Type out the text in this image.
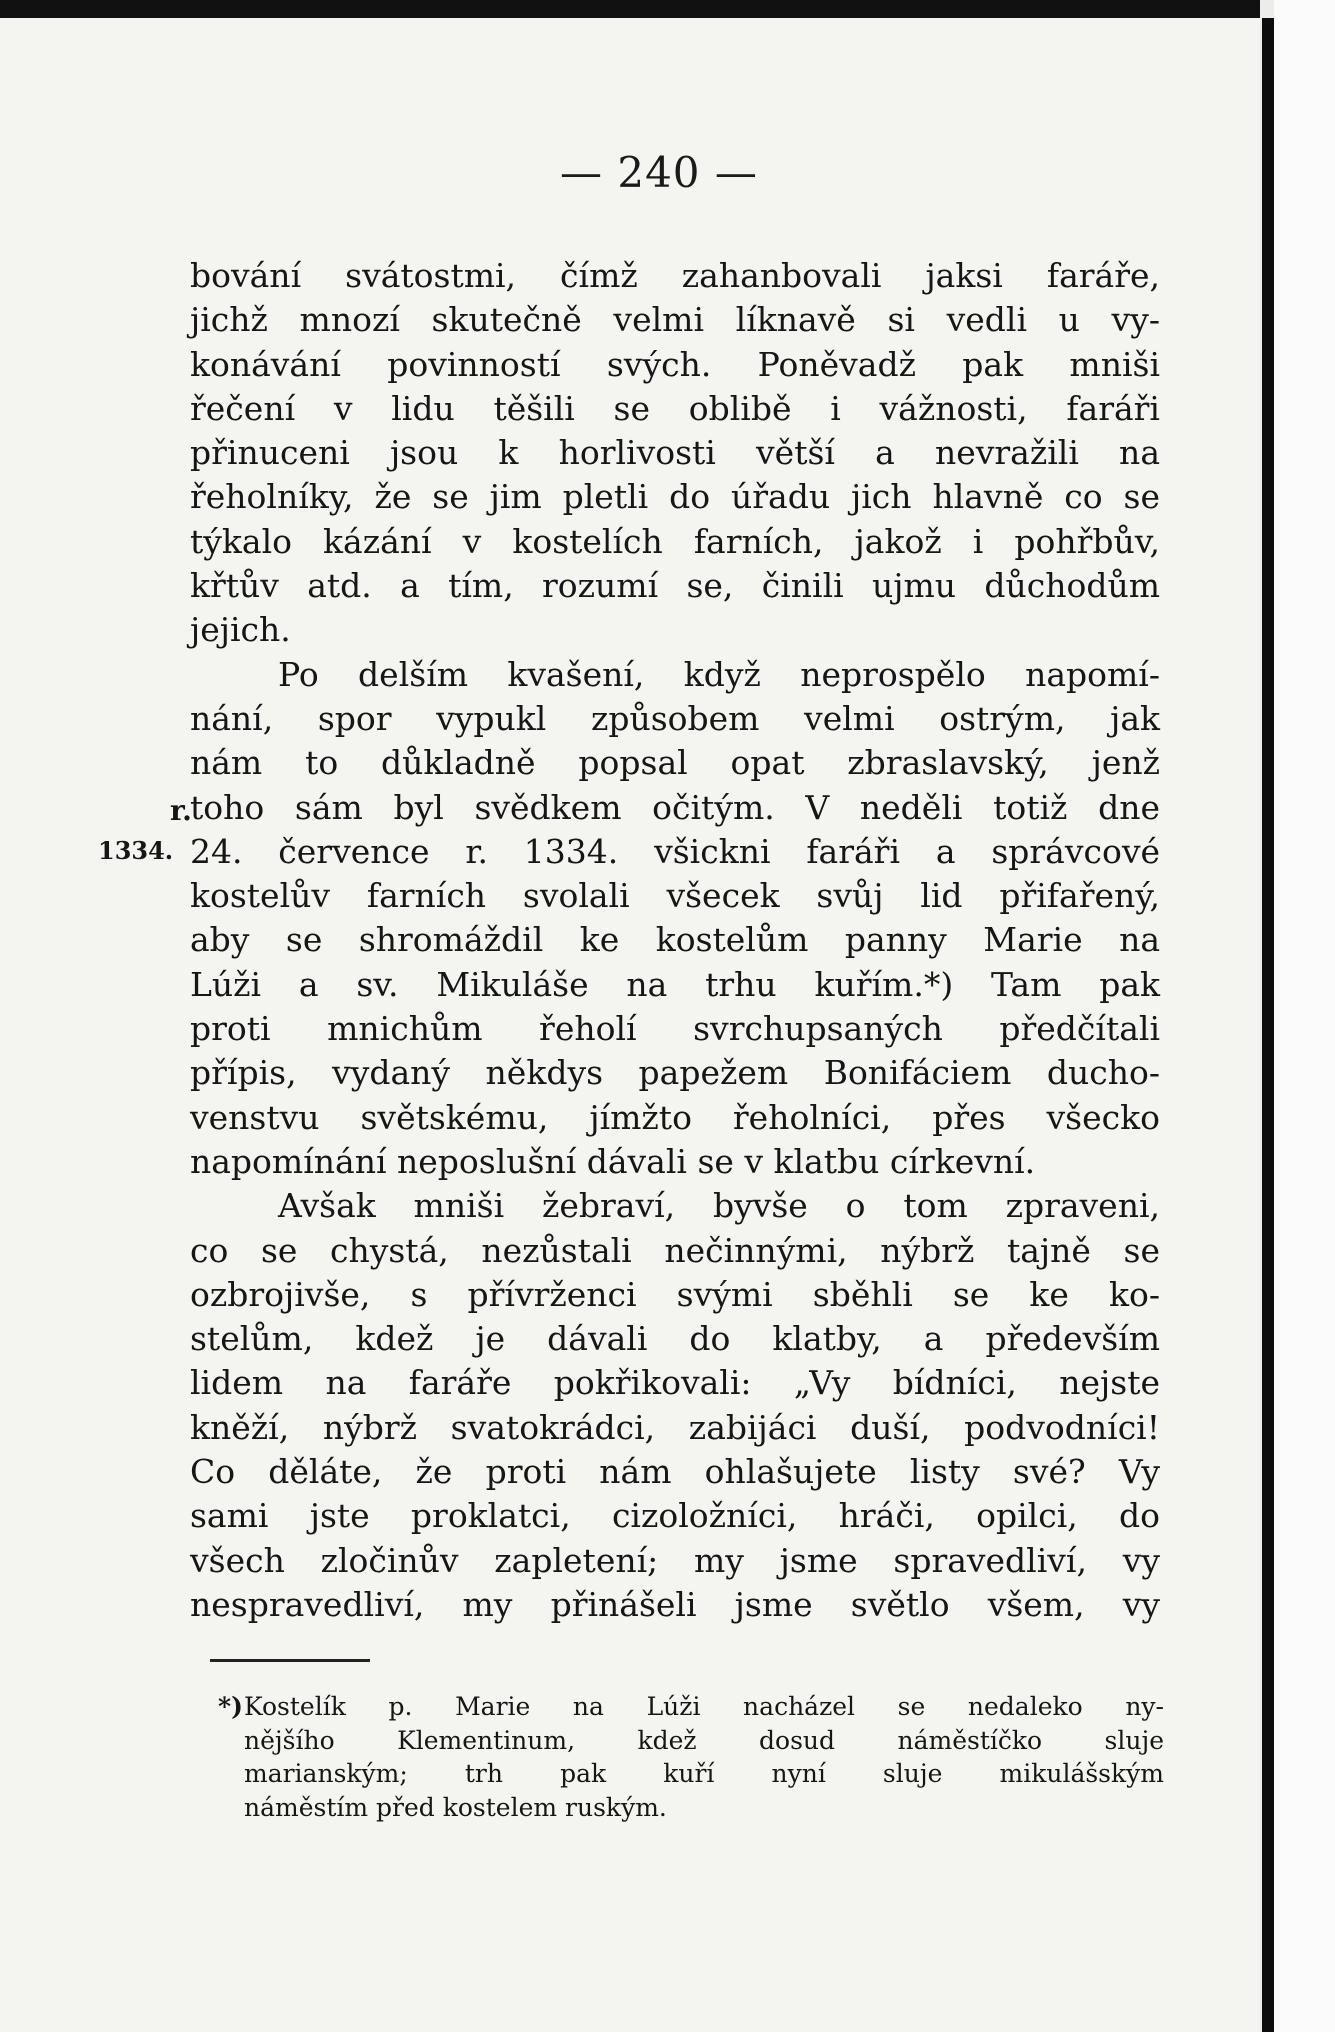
— 240 —
r.
1334.
bování svátostmi, čímž zahanbovali jaksi faráře,
jichž mnozí skutečně velmi líknavě si vedli u vy-
konávání povinností svých. Poněvadž pak mniši
řečení v lidu těšili se oblibě i vážnosti, faráři
přinuceni jsou k horlivosti větší a nevražili na
řeholníky, že se jim pletli do úřadu jich hlavně co se
týkalo kázání v kostelích farních, jakož i pohřbův,
křtův atd. a tím, rozumí se, činili ujmu důchodům
jejich.
Po delším kvašení, když neprospělo napomí-
nání, spor vypukl způsobem velmi ostrým, jak
nám to důkladně popsal opat zbraslavský, jenž
toho sám byl svědkem očitým. V neděli totiž dne
24. července r. 1334. všickni faráři a správcové
kostelův farních svolali všecek svůj lid přifařený,
aby se shromáždil ke kostelům panny Marie na
Lúži a sv. Mikuláše na trhu kuřím.*) Tam pak
proti mnichům řeholí svrchupsaných předčítali
přípis, vydaný někdys papežem Bonifáciem ducho-
venstvu světskému, jímžto řeholníci, přes všecko
napomínání neposlušní dávali se v klatbu církevní.
Avšak mniši žebraví, byvše o tom zpraveni,
co se chystá, nezůstali nečinnými, nýbrž tajně se
ozbrojivše, s přívrženci svými sběhli se ke ko-
stelům, kdež je dávali do klatby, a především
lidem na faráře pokřikovali: „Vy bídníci, nejste
kněží, nýbrž svatokrádci, zabijáci duší, podvodníci!
Co děláte, že proti nám ohlašujete listy své? Vy
sami jste proklatci, cizoložníci, hráči, opilci, do
všech zločinův zapletení; my jsme spravedliví, vy
nespravedliví, my přinášeli jsme světlo všem, vy
*) Kostelík p. Marie na Lúži nacházel se nedaleko ny-
nějšího Klementinum, kdež dosud náměstíčko sluje
marianským; trh pak kuří nyní sluje mikulášským
náměstím před kostelem ruským.
